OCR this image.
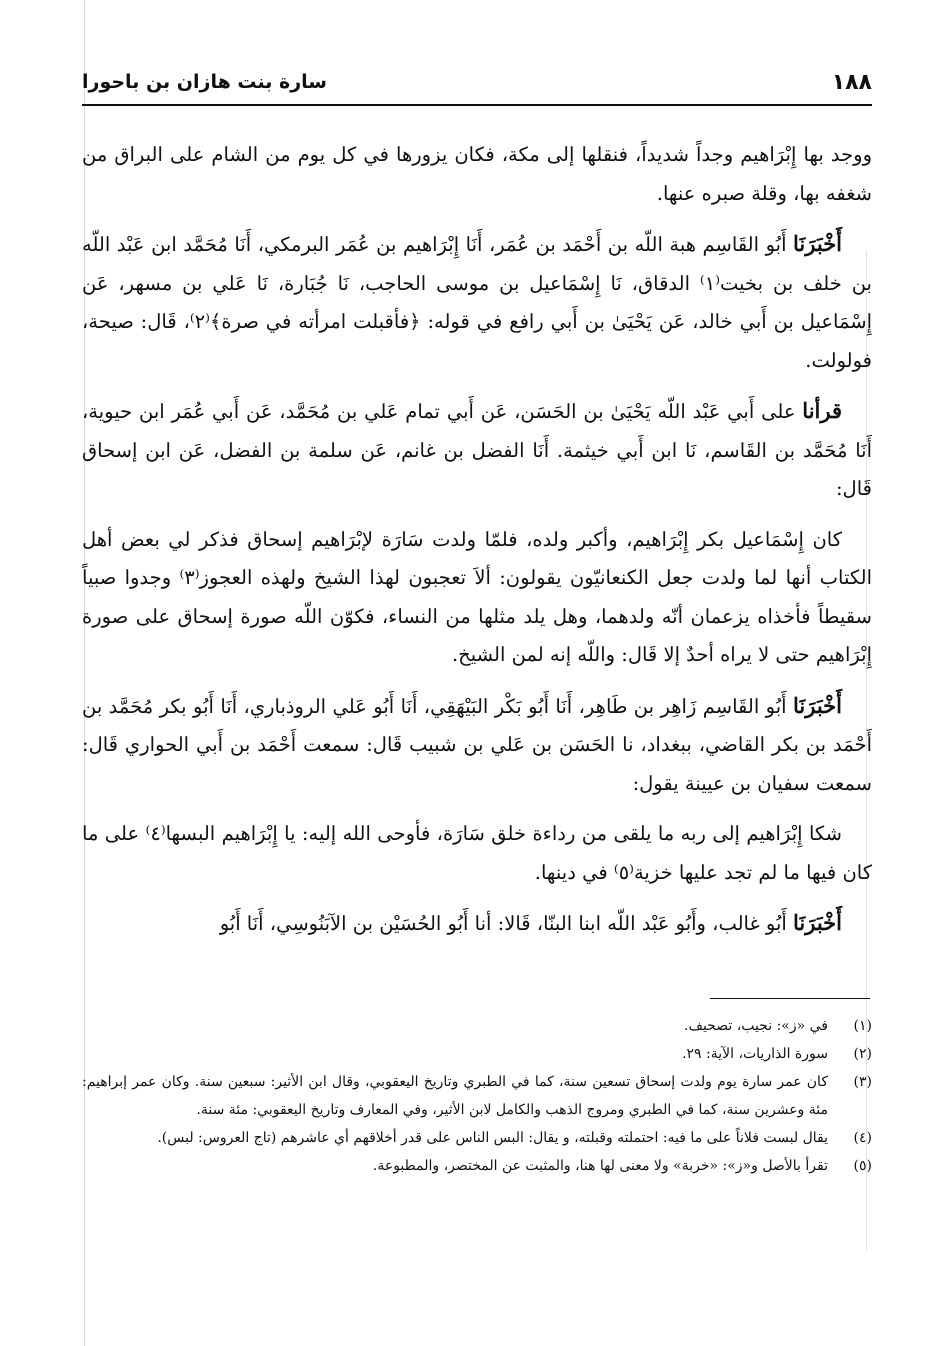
١٨٨
سارة بنت هازان بن باحورا

ووجد بها إِبْرَاهيم وجداً شديداً، فنقلها إلى مكة، فكان يزورها في كل يوم من الشام على البراق من شغفه بها، وقلة صبره عنها.

أَخْبَرَنَا أَبُو القَاسِم هبة اللّه بن أَحْمَد بن عُمَر، أَنَا إِبْرَاهيم بن عُمَر البرمكي، أَنَا مُحَمَّد ابن عَبْد اللّه بن خلف بن بخيت⁽١⁾ الدقاق، نَا إِسْمَاعيل بن موسى الحاجب، نَا جُبَارة، نَا عَلي بن مسهر، عَن إِسْمَاعيل بن أَبي خالد، عَن يَحْيَىٰ بن أَبي رافع في قوله: ﴿فأقبلت امرأته في صرة﴾⁽٢⁾، قَال: صيحة، فولولت.

قرأنا على أَبي عَبْد اللّه يَحْيَىٰ بن الحَسَن، عَن أَبي تمام عَلي بن مُحَمَّد، عَن أَبي عُمَر ابن حيوية، أَنَا مُحَمَّد بن القَاسم، نَا ابن أَبي خيثمة. أَنَا الفضل بن غانم، عَن سلمة بن الفضل، عَن ابن إسحاق قَال:

كان إِسْمَاعيل بكر إِبْرَاهيم، وأكبر ولده، فلمّا ولدت سَارَة لإبْرَاهيم إسحاق فذكر لي بعض أهل الكتاب أنها لما ولدت جعل الكنعانيّون يقولون: ألاَ تعجبون لهذا الشيخ ولهذه العجوز⁽٣⁾ وجدوا صبياً سقيطاً فأخذاه يزعمان أنّه ولدهما، وهل يلد مثلها من النساء، فكوّن اللّه صورة إسحاق على صورة إِبْرَاهيم حتى لا يراه أحدٌ إلا قَال: واللّه إنه لمن الشيخ.

أَخْبَرَنَا أَبُو القَاسِم زَاهِر بن طَاهِر، أَنَا أَبُو بَكْر البَيْهَقِي، أَنَا أَبُو عَلي الروذباري، أَنَا أَبُو بكر مُحَمَّد بن أَحْمَد بن بكر القاضي، ببغداد، نا الحَسَن بن عَلي بن شبيب قَال: سمعت أَحْمَد بن أَبي الحواري قَال: سمعت سفيان بن عيينة يقول:

شكا إِبْرَاهيم إلى ربه ما يلقى من رداءة خلق سَارَة، فأوحى الله إليه: يا إِبْرَاهيم البسها⁽٤⁾ على ما كان فيها ما لم تجد عليها خزية⁽٥⁾ في دينها.

أَخْبَرَنَا أَبُو غالب، وأَبُو عَبْد اللّه ابنا البنّا، قَالا: أنا أَبُو الحُسَيْن بن الآبَنُوسِي، أَنَا أَبُو

(١)
في «ز»: نجيب، تصحيف.
(٢)
سورة الذاريات، الآية: ٢٩.
(٣)
كان عمر سارة يوم ولدت إسحاق تسعين سنة، كما في الطبري وتاريخ اليعقوبي، وقال ابن الأثير: سبعين سنة. وكان عمر إبراهيم: مئة وعشرين سنة، كما في الطبري ومروج الذهب والكامل لابن الأثير، وفي المعارف وتاريخ اليعقوبي: مئة سنة.
(٤)
يقال لبست فلاناً على ما فيه: احتملته وقبلته، و يقال: البس الناس على قدر أخلاقهم أي عاشرهم (تاج العروس: لبس).
(٥)
تقرأ بالأصل و«ز»: «خربة» ولا معنى لها هنا، والمثبت عن المختصر، والمطبوعة.
